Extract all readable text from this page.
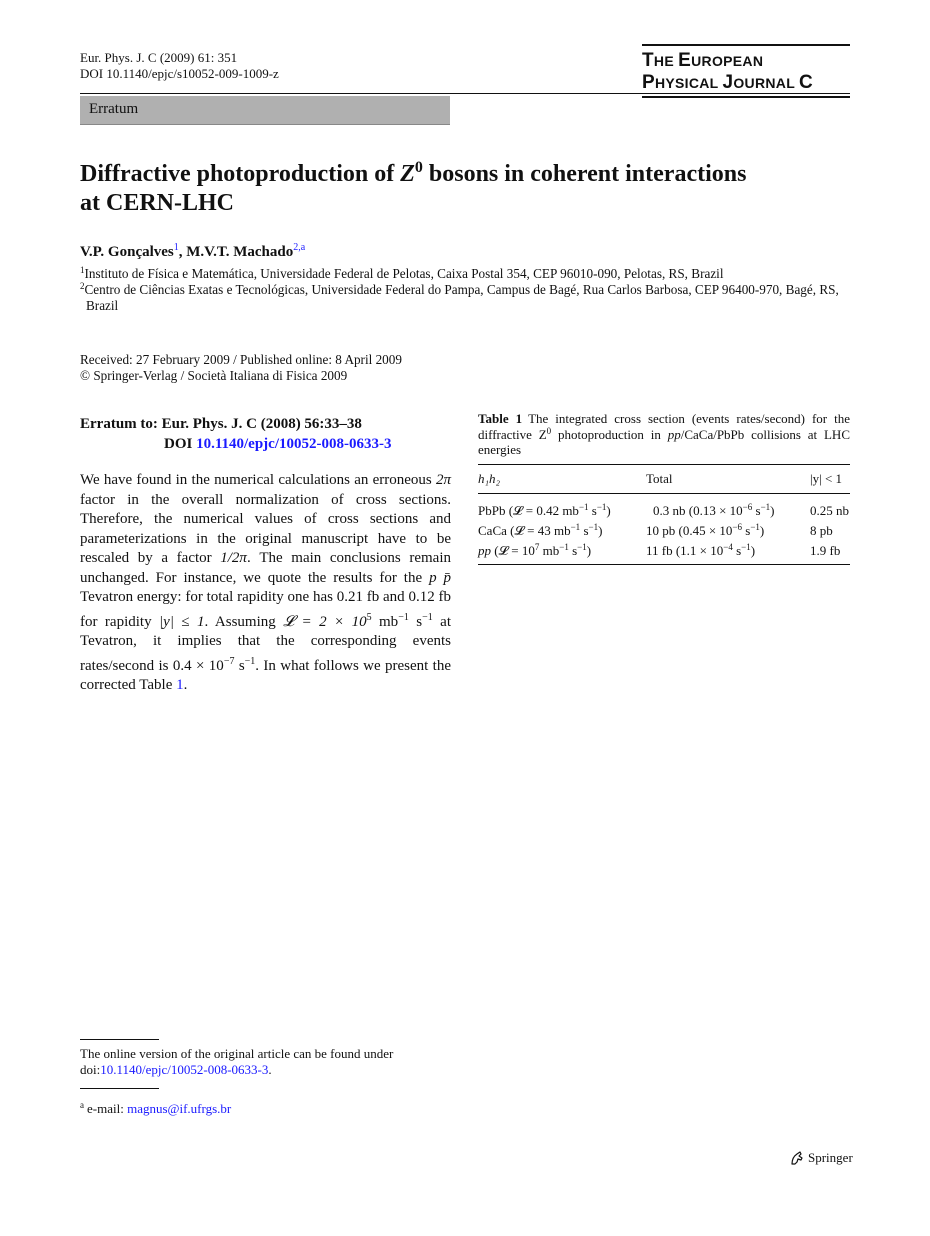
Eur. Phys. J. C (2009) 61: 351
DOI 10.1140/epjc/s10052-009-1009-z
THE EUROPEAN
PHYSICAL JOURNAL C
Erratum
Diffractive photoproduction of $Z^0$ bosons in coherent interactions
at CERN-LHC
V.P. Gonçalves$^1$, M.V.T. Machado$^{2,a}$
$^1$Instituto de Física e Matemática, Universidade Federal de Pelotas, Caixa Postal 354, CEP 96010-090, Pelotas, RS, Brazil
$^2$Centro de Ciências Exatas e Tecnológicas, Universidade Federal do Pampa, Campus de Bagé, Rua Carlos Barbosa, CEP 96400-970, Bagé, RS,
Brazil
Received: 27 February 2009 / Published online: 8 April 2009
© Springer-Verlag / Società Italiana di Fisica 2009
Erratum to: Eur. Phys. J. C (2008) 56:33–38
DOI 10.1140/epjc/10052-008-0633-3
We have found in the numerical calculations an erroneous 2π factor in the overall normalization of cross sections. Therefore, the numerical values of cross sections and parameterizations in the original manuscript have to be rescaled by a factor 1/2π. The main conclusions remain unchanged. For instance, we quote the results for the p p̄ Tevatron energy: for total rapidity one has 0.21 fb and 0.12 fb for rapidity |y| ≤ 1. Assuming 𝓛 = $2 \times 10^5$ $mb^{-1}$ $s^{-1}$ at Tevatron, it implies that the corresponding events rates/second is $0.4 \times 10^{-7}$ $s^{-1}$. In what follows we present the corrected Table 1.
Table 1 The integrated cross section (events rates/second) for the diffractive $Z^0$ photoproduction in pp/CaCa/PbPb collisions at LHC energies
h₁h₂	Total	|y| < 1
PbPb (𝓛 = 0.42 $mb^{-1}$ $s^{-1}$)	0.3 nb ($0.13 \times 10^{-6}$ $s^{-1}$)	0.25 nb
CaCa (𝓛 = 43 $mb^{-1}$ $s^{-1}$)	10 pb ($0.45 \times 10^{-6}$ $s^{-1}$)	8 pb
pp (𝓛 = $10^7$ $mb^{-1}$ $s^{-1}$)	11 fb ($1.1 \times 10^{-4}$ $s^{-1}$)	1.9 fb
The online version of the original article can be found under
doi:10.1140/epjc/10052-008-0633-3.
$^a$ e-mail: magnus@if.ufrgs.br
Springer
